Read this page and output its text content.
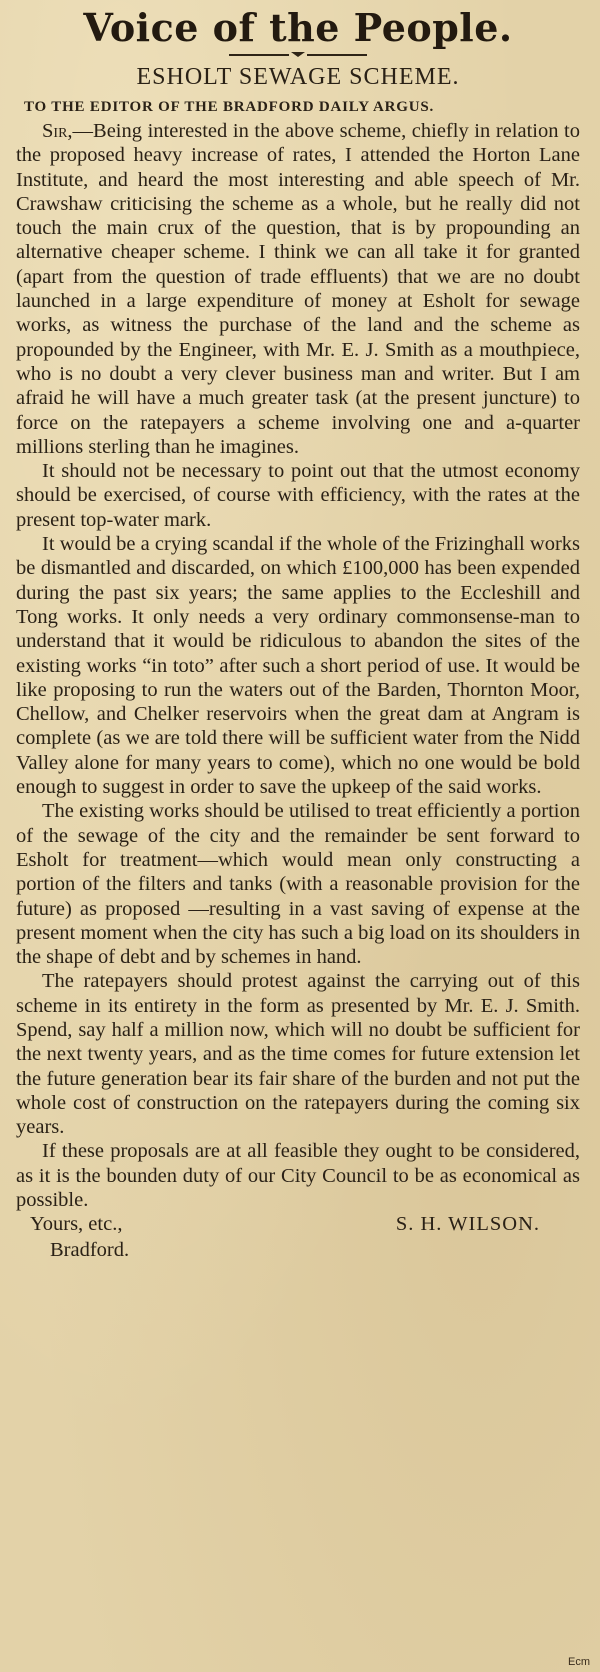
Voice of the People.
ESHOLT SEWAGE SCHEME.
TO THE EDITOR OF THE BRADFORD DAILY ARGUS.

Sir,—Being interested in the above scheme, chiefly in relation to the proposed heavy increase of rates, I attended the Horton Lane Institute, and heard the most interesting and able speech of Mr. Crawshaw criticising the scheme as a whole, but he really did not touch the main crux of the question, that is by propounding an alternative cheaper scheme. I think we can all take it for granted (apart from the question of trade effluents) that we are no doubt launched in a large expenditure of money at Esholt for sewage works, as witness the purchase of the land and the scheme as propounded by the Engineer, with Mr. E. J. Smith as a mouthpiece, who is no doubt a very clever business man and writer. But I am afraid he will have a much greater task (at the present juncture) to force on the ratepayers a scheme involving one and a-quarter millions sterling than he imagines.

It should not be necessary to point out that the utmost economy should be exercised, of course with efficiency, with the rates at the present top-water mark.

It would be a crying scandal if the whole of the Frizinghall works be dismantled and discarded, on which £100,000 has been expended during the past six years; the same applies to the Eccleshill and Tong works. It only needs a very ordinary commonsense-man to understand that it would be ridiculous to abandon the sites of the existing works “in toto” after such a short period of use. It would be like proposing to run the waters out of the Barden, Thornton Moor, Chellow, and Chelker reservoirs when the great dam at Angram is complete (as we are told there will be sufficient water from the Nidd Valley alone for many years to come), which no one would be bold enough to suggest in order to save the upkeep of the said works.

The existing works should be utilised to treat efficiently a portion of the sewage of the city and the remainder be sent forward to Esholt for treatment—which would mean only constructing a portion of the filters and tanks (with a reasonable provision for the future) as proposed —resulting in a vast saving of expense at the present moment when the city has such a big load on its shoulders in the shape of debt and by schemes in hand.

The ratepayers should protest against the carrying out of this scheme in its entirety in the form as presented by Mr. E. J. Smith. Spend, say half a million now, which will no doubt be sufficient for the next twenty years, and as the time comes for future extension let the future generation bear its fair share of the burden and not put the whole cost of construction on the ratepayers during the coming six years.

If these proposals are at all feasible they ought to be considered, as it is the bounden duty of our City Council to be as economical as possible.

Yours, etc.,	S. H. WILSON.
Bradford.
Ecm
